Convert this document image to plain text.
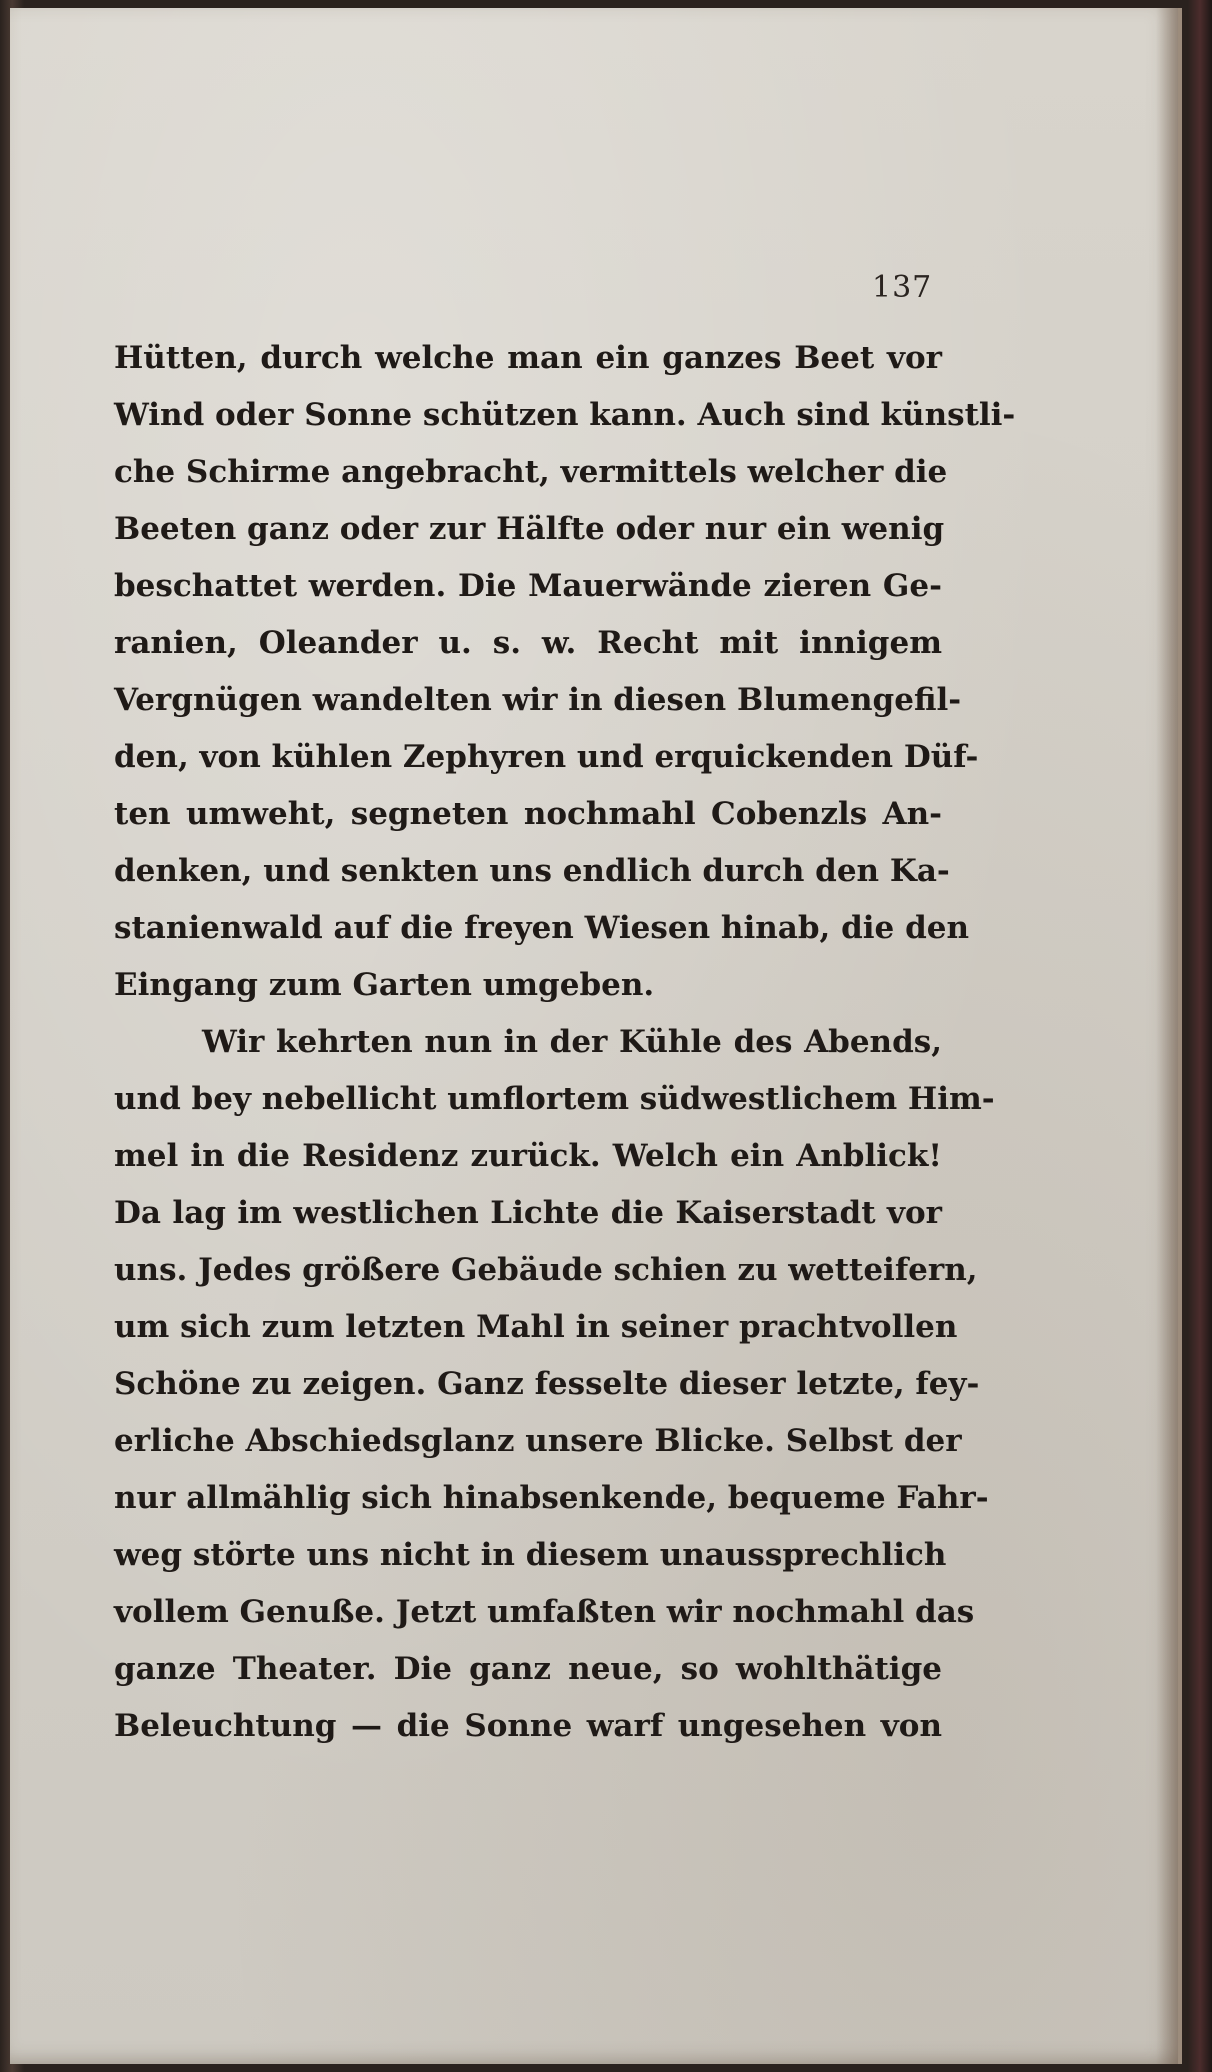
137
Hütten, durch welche man ein ganzes Beet vor
Wind oder Sonne schützen kann. Auch sind künstli-
che Schirme angebracht, vermittels welcher die
Beeten ganz oder zur Hälfte oder nur ein wenig
beschattet werden. Die Mauerwände zieren Ge-
ranien, Oleander u. s. w. Recht mit innigem
Vergnügen wandelten wir in diesen Blumengefil-
den, von kühlen Zephyren und erquickenden Düf-
ten umweht, segneten nochmahl Cobenzls An-
denken, und senkten uns endlich durch den Ka-
stanienwald auf die freyen Wiesen hinab, die den
Eingang zum Garten umgeben.
Wir kehrten nun in der Kühle des Abends,
und bey nebellicht umflortem südwestlichem Him-
mel in die Residenz zurück. Welch ein Anblick!
Da lag im westlichen Lichte die Kaiserstadt vor
uns. Jedes größere Gebäude schien zu wetteifern,
um sich zum letzten Mahl in seiner prachtvollen
Schöne zu zeigen. Ganz fesselte dieser letzte, fey-
erliche Abschiedsglanz unsere Blicke. Selbst der
nur allmählig sich hinabsenkende, bequeme Fahr-
weg störte uns nicht in diesem unaussprechlich
vollem Genuße. Jetzt umfaßten wir nochmahl das
ganze Theater. Die ganz neue, so wohlthätige
Beleuchtung — die Sonne warf ungesehen von
